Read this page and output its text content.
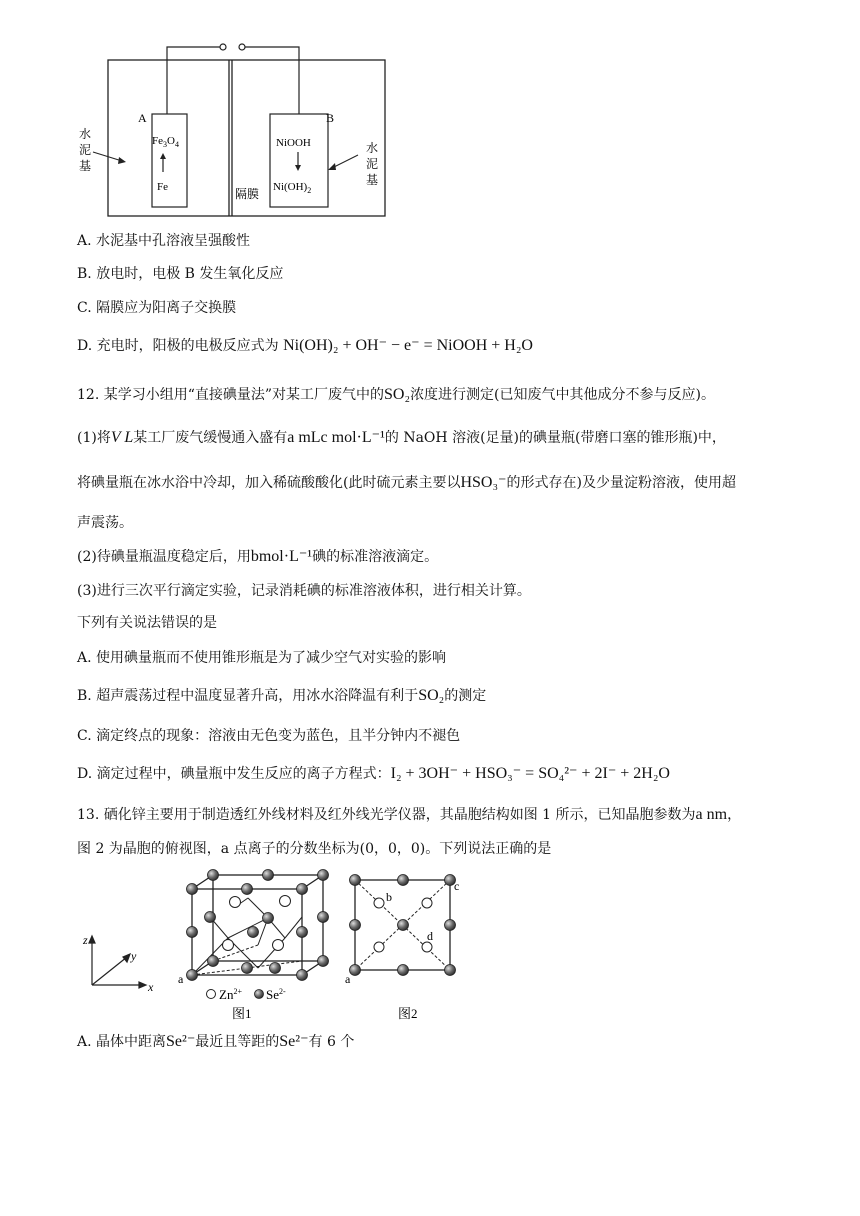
A	B
水
泥
基
水
泥
基
$Fe_3O_4$
Fe
NiOOH
$Ni(OH)_2$
隔膜
A. 水泥基中孔溶液呈强酸性
B. 放电时，电极 B 发生氧化反应
C. 隔膜应为阳离子交换膜
D. 充电时，阳极的电极反应式为 Ni(OH)₂ + OH⁻ − e⁻ = NiOOH + H₂O
12. 某学习小组用“直接碘量法”对某工厂废气中的SO₂浓度进行测定(已知废气中其他成分不参与反应)。
(1)将V L某工厂废气缓慢通入盛有a mLc mol·L⁻¹的 NaOH 溶液(足量)的碘量瓶(带磨口塞的锥形瓶)中，
将碘量瓶在冰水浴中冷却，加入稀硫酸酸化(此时硫元素主要以HSO₃⁻的形式存在)及少量淀粉溶液，使用超
声震荡。
(2)待碘量瓶温度稳定后，用bmol·L⁻¹碘的标准溶液滴定。
(3)进行三次平行滴定实验，记录消耗碘的标准溶液体积，进行相关计算。
下列有关说法错误的是
A. 使用碘量瓶而不使用锥形瓶是为了减少空气对实验的影响
B. 超声震荡过程中温度显著升高，用冰水浴降温有利于SO₂的测定
C. 滴定终点的现象：溶液由无色变为蓝色，且半分钟内不褪色
D. 滴定过程中，碘量瓶中发生反应的离子方程式：I₂ + 3OH⁻ + HSO₃⁻ = SO₄²⁻ + 2I⁻ + 2H₂O
13. 硒化锌主要用于制造透红外线材料及红外线光学仪器，其晶胞结构如图 1 所示，已知晶胞参数为a nm，
图 2 为晶胞的俯视图，a 点离子的分数坐标为(0，0，0)。下列说法正确的是
z
y
x
a
$Zn^{2+}$ $Se^{2-}$
图1
a
b
c
d
图2
A. 晶体中距离Se²⁻最近且等距的Se²⁻有 6 个
